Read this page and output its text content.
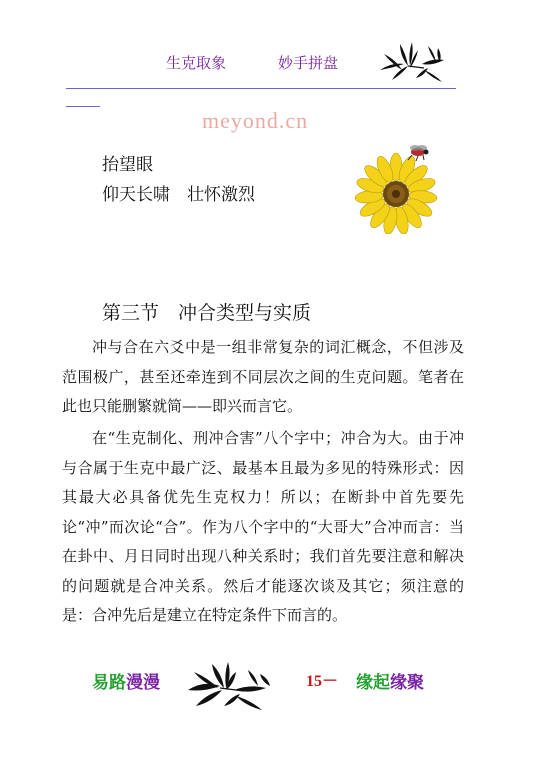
生克取象	妙手拼盘
meyond.cn
抬望眼
仰天长啸　壮怀激烈
第三节　冲合类型与实质
冲与合在六爻中是一组非常复杂的词汇概念，不但涉及范围极广，甚至还牵连到不同层次之间的生克问题。笔者在此也只能删繁就简——即兴而言它。
在“生克制化、刑冲合害”八个字中；冲合为大。由于冲与合属于生克中最广泛、最基本且最为多见的特殊形式：因其最大必具备优先生克权力！所以；在断卦中首先要先论“冲”而次论“合”。作为八个字中的“大哥大”合冲而言：当在卦中、月日同时出现八种关系时；我们首先要注意和解决的问题就是合冲关系。然后才能逐次谈及其它；须注意的是：合冲先后是建立在特定条件下而言的。
易路漫漫	15－ 缘起缘聚
